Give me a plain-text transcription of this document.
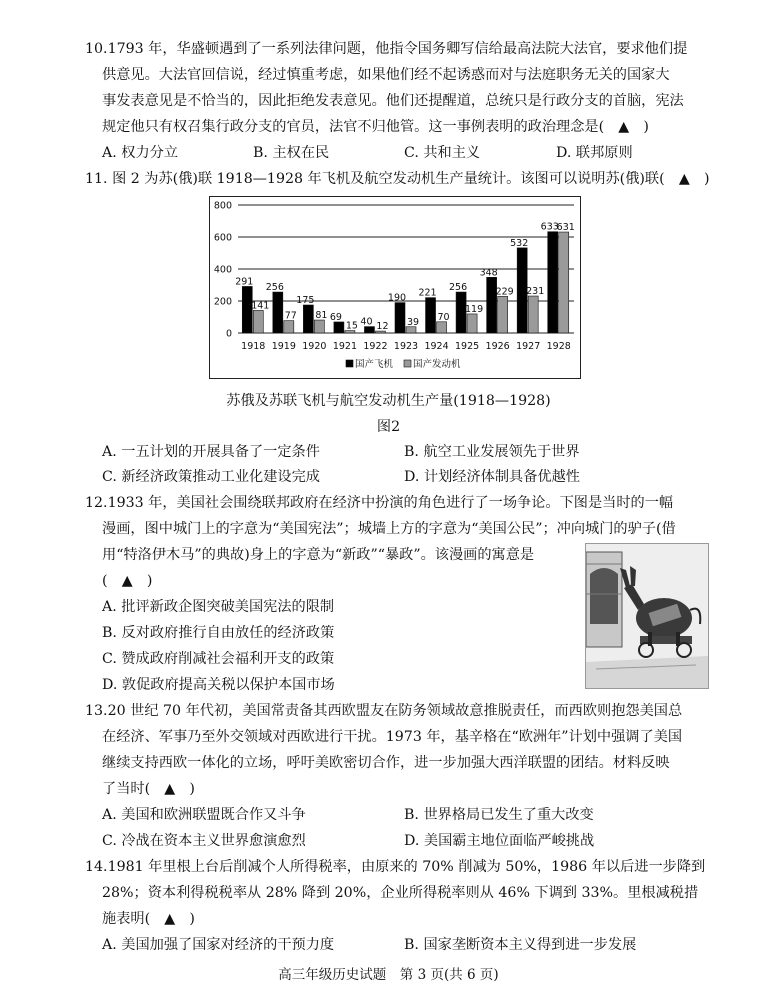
10.1793 年，华盛顿遇到了一系列法律问题，他指令国务卿写信给最高法院大法官，要求他们提
供意见。大法官回信说，经过慎重考虑，如果他们经不起诱惑而对与法庭职务无关的国家大
事发表意见是不恰当的，因此拒绝发表意见。他们还提醒道，总统只是行政分支的首脑，宪法
规定他只有权召集行政分支的官员，法官不归他管。这一事例表明的政治理念是(　▲　)
A. 权力分立	B. 主权在民	C. 共和主义	D. 联邦原则
11. 图 2 为苏(俄)联 1918—1928 年飞机及航空发动机生产量统计。该图可以说明苏(俄)联(　▲　)
0
200
400
600
800
291
141
1918
256
77
1919
175
81
1920
69
15
1921
40 12
1922
190
39
1923
221
70
1924
256
119
1925
348
229
1926
532
231
1927
633
631
1928
国产飞机 国产发动机
苏俄及苏联飞机与航空发动机生产量(1918—1928)
图2
A. 一五计划的开展具备了一定条件	B. 航空工业发展领先于世界
C. 新经济政策推动工业化建设完成	D. 计划经济体制具备优越性
12.1933 年，美国社会围绕联邦政府在经济中扮演的角色进行了一场争论。下图是当时的一幅
漫画，图中城门上的字意为“美国宪法”；城墙上方的字意为“美国公民”；冲向城门的驴子(借
用“特洛伊木马”的典故)身上的字意为“新政”“暴政”。该漫画的寓意是
(　▲　)
A. 批评新政企图突破美国宪法的限制
B. 反对政府推行自由放任的经济政策
C. 赞成政府削减社会福利开支的政策
D. 敦促政府提高关税以保护本国市场
13.20 世纪 70 年代初，美国常责备其西欧盟友在防务领域故意推脱责任，而西欧则抱怨美国总
在经济、军事乃至外交领域对西欧进行干扰。1973 年，基辛格在“欧洲年”计划中强调了美国
继续支持西欧一体化的立场，呼吁美欧密切合作，进一步加强大西洋联盟的团结。材料反映
了当时(　▲　)
A. 美国和欧洲联盟既合作又斗争	B. 世界格局已发生了重大改变
C. 冷战在资本主义世界愈演愈烈	D. 美国霸主地位面临严峻挑战
14.1981 年里根上台后削减个人所得税率，由原来的 70% 削减为 50%，1986 年以后进一步降到
28%；资本利得税税率从 28% 降到 20%，企业所得税率则从 46% 下调到 33%。里根减税措
施表明(　▲　)
A. 美国加强了国家对经济的干预力度	B. 国家垄断资本主义得到进一步发展
高三年级历史试题　第 3 页(共 6 页)
